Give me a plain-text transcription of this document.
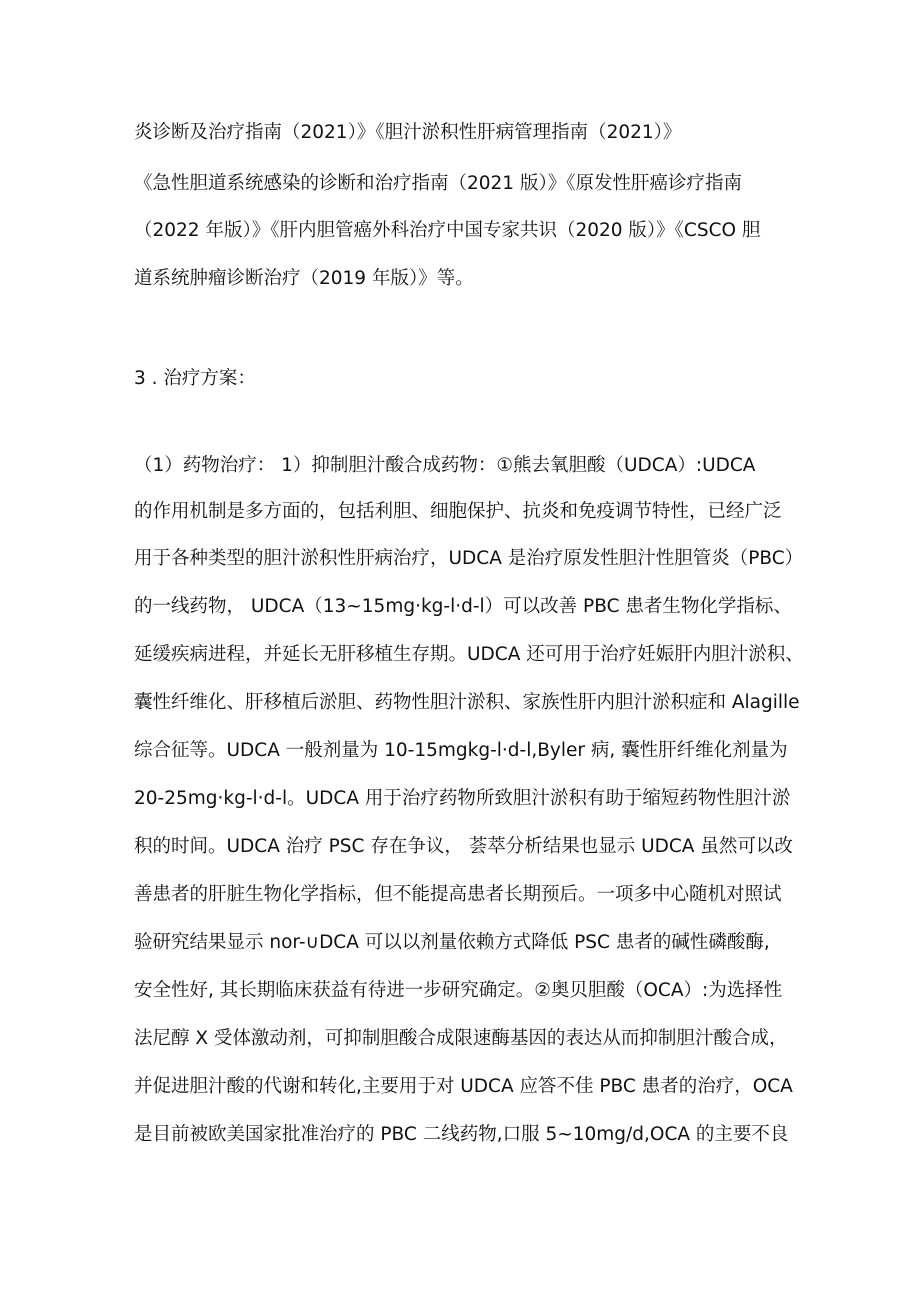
炎诊断及治疗指南（2021）》《胆汁淤积性肝病管理指南（2021）》
《急性胆道系统感染的诊断和治疗指南（2021 版）》《原发性肝癌诊疗指南
（2022 年版）》《肝内胆管癌外科治疗中国专家共识（2020 版）》《CSCO 胆
道系统肿瘤诊断治疗（2019 年版）》等。
3 . 治疗方案：
（1）药物治疗： 1）抑制胆汁酸合成药物：①熊去氧胆酸（UDCA）:UDCA
的作用机制是多方面的，包括利胆、细胞保护、抗炎和免疫调节特性，已经广泛
用于各种类型的胆汁淤积性肝病治疗，UDCA 是治疗原发性胆汁性胆管炎（PBC）
的一线药物， UDCA（13~15mg·kg-l·d-l）可以改善 PBC 患者生物化学指标、
延缓疾病进程，并延长无肝移植生存期。UDCA 还可用于治疗妊娠肝内胆汁淤积、
囊性纤维化、肝移植后淤胆、药物性胆汁淤积、家族性肝内胆汁淤积症和 Alagille
综合征等。UDCA 一般剂量为 10-15mgkg-l·d-l,Byler 病, 囊性肝纤维化剂量为
20-25mg·kg-l·d-l。UDCA 用于治疗药物所致胆汁淤积有助于缩短药物性胆汁淤
积的时间。UDCA 治疗 PSC 存在争议， 荟萃分析结果也显示 UDCA 虽然可以改
善患者的肝脏生物化学指标，但不能提高患者长期预后。一项多中心随机对照试
验研究结果显示 nor-∪DCA 可以以剂量依赖方式降低 PSC 患者的碱性磷酸酶,
安全性好, 其长期临床获益有待进一步研究确定。②奥贝胆酸（OCA）:为选择性
法尼醇 X 受体激动剂，可抑制胆酸合成限速酶基因的表达从而抑制胆汁酸合成，
并促进胆汁酸的代谢和转化,主要用于对 UDCA 应答不佳 PBC 患者的治疗，OCA
是目前被欧美国家批准治疗的 PBC 二线药物,口服 5~10mg/d,OCA 的主要不良
